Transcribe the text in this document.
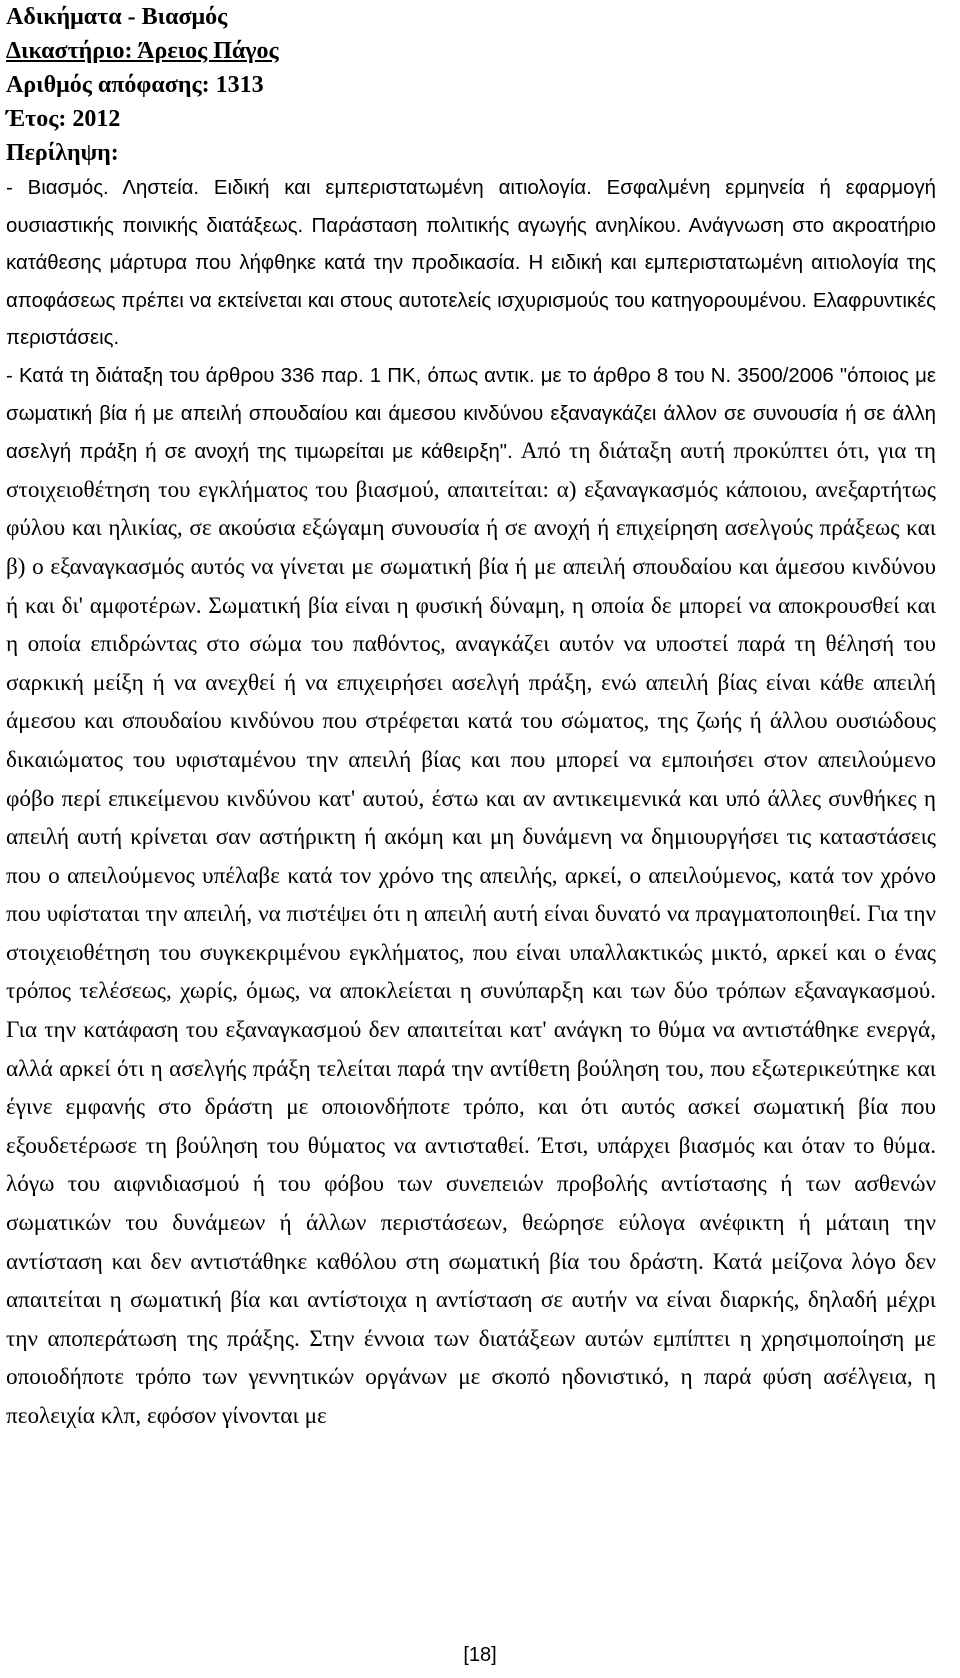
Αδικήματα - Βιασμός

Δικαστήριο: Άρειος Πάγος

Αριθμός απόφασης: 1313

Έτος: 2012

Περίληψη:

- Βιασμός. Ληστεία. Ειδική και εμπεριστατωμένη αιτιολογία. Εσφαλμένη ερμηνεία ή εφαρμογή ουσιαστικής ποινικής διατάξεως. Παράσταση πολιτικής αγωγής ανηλίκου. Ανάγνωση στο ακροατήριο κατάθεσης μάρτυρα που λήφθηκε κατά την προδικασία. Η ειδική και εμπεριστατωμένη αιτιολογία της αποφάσεως πρέπει να εκτείνεται και στους αυτοτελείς ισχυρισμούς του κατηγορουμένου. Ελαφρυντικές περιστάσεις.

- Κατά τη διάταξη του άρθρου 336 παρ. 1 ΠΚ, όπως αντικ. με το άρθρο 8 του Ν. 3500/2006 "όποιος με σωματική βία ή με απειλή σπουδαίου και άμεσου κινδύνου εξαναγκάζει άλλον σε συνουσία ή σε άλλη ασελγή πράξη ή σε ανοχή της τιμωρείται με κάθειρξη". Από τη διάταξη αυτή προκύπτει ότι, για τη στοιχειοθέτηση του εγκλήματος του βιασμού, απαιτείται: α) εξαναγκασμός κάποιου, ανεξαρτήτως φύλου και ηλικίας, σε ακούσια εξώγαμη συνουσία ή σε ανοχή ή επιχείρηση ασελγούς πράξεως και β) ο εξαναγκασμός αυτός να γίνεται με σωματική βία ή με απειλή σπουδαίου και άμεσου κινδύνου ή και δι' αμφοτέρων. Σωματική βία είναι η φυσική δύναμη, η οποία δε μπορεί να αποκρουσθεί και η οποία επιδρώντας στο σώμα του παθόντος, αναγκάζει αυτόν να υποστεί παρά τη θέλησή του σαρκική μείξη ή να ανεχθεί ή να επιχειρήσει ασελγή πράξη, ενώ απειλή βίας είναι κάθε απειλή άμεσου και σπουδαίου κινδύνου που στρέφεται κατά του σώματος, της ζωής ή άλλου ουσιώδους δικαιώματος του υφισταμένου την απειλή βίας και που μπορεί να εμποιήσει στον απειλούμενο φόβο περί επικείμενου κινδύνου κατ' αυτού, έστω και αν αντικειμενικά και υπό άλλες συνθήκες η απειλή αυτή κρίνεται σαν αστήρικτη ή ακόμη και μη δυνάμενη να δημιουργήσει τις καταστάσεις που ο απειλούμενος υπέλαβε κατά τον χρόνο της απειλής, αρκεί, ο απειλούμενος, κατά τον χρόνο που υφίσταται την απειλή, να πιστέψει ότι η απειλή αυτή είναι δυνατό να πραγματοποιηθεί. Για την στοιχειοθέτηση του συγκεκριμένου εγκλήματος, που είναι υπαλλακτικώς μικτό, αρκεί και ο ένας τρόπος τελέσεως, χωρίς, όμως, να αποκλείεται η συνύπαρξη και των δύο τρόπων εξαναγκασμού. Για την κατάφαση του εξαναγκασμού δεν απαιτείται κατ' ανάγκη το θύμα να αντιστάθηκε ενεργά, αλλά αρκεί ότι η ασελγής πράξη τελείται παρά την αντίθετη βούληση του, που εξωτερικεύτηκε και έγινε εμφανής στο δράστη με οποιονδήποτε τρόπο, και ότι αυτός ασκεί σωματική βία που εξουδετέρωσε τη βούληση του θύματος να αντισταθεί. Έτσι, υπάρχει βιασμός και όταν το θύμα. λόγω του αιφνιδιασμού ή του φόβου των συνεπειών προβολής αντίστασης ή των ασθενών σωματικών του δυνάμεων ή άλλων περιστάσεων, θεώρησε εύλογα ανέφικτη ή μάταιη την αντίσταση και δεν αντιστάθηκε καθόλου στη σωματική βία του δράστη. Κατά μείζονα λόγο δεν απαιτείται η σωματική βία και αντίστοιχα η αντίσταση σε αυτήν να είναι διαρκής, δηλαδή μέχρι την αποπεράτωση της πράξης. Στην έννοια των διατάξεων αυτών εμπίπτει η χρησιμοποίηση με οποιοδήποτε τρόπο των γεννητικών οργάνων με σκοπό ηδονιστικό, η παρά φύση ασέλγεια, η πεολειχία κλπ, εφόσον γίνονται με

[18]
